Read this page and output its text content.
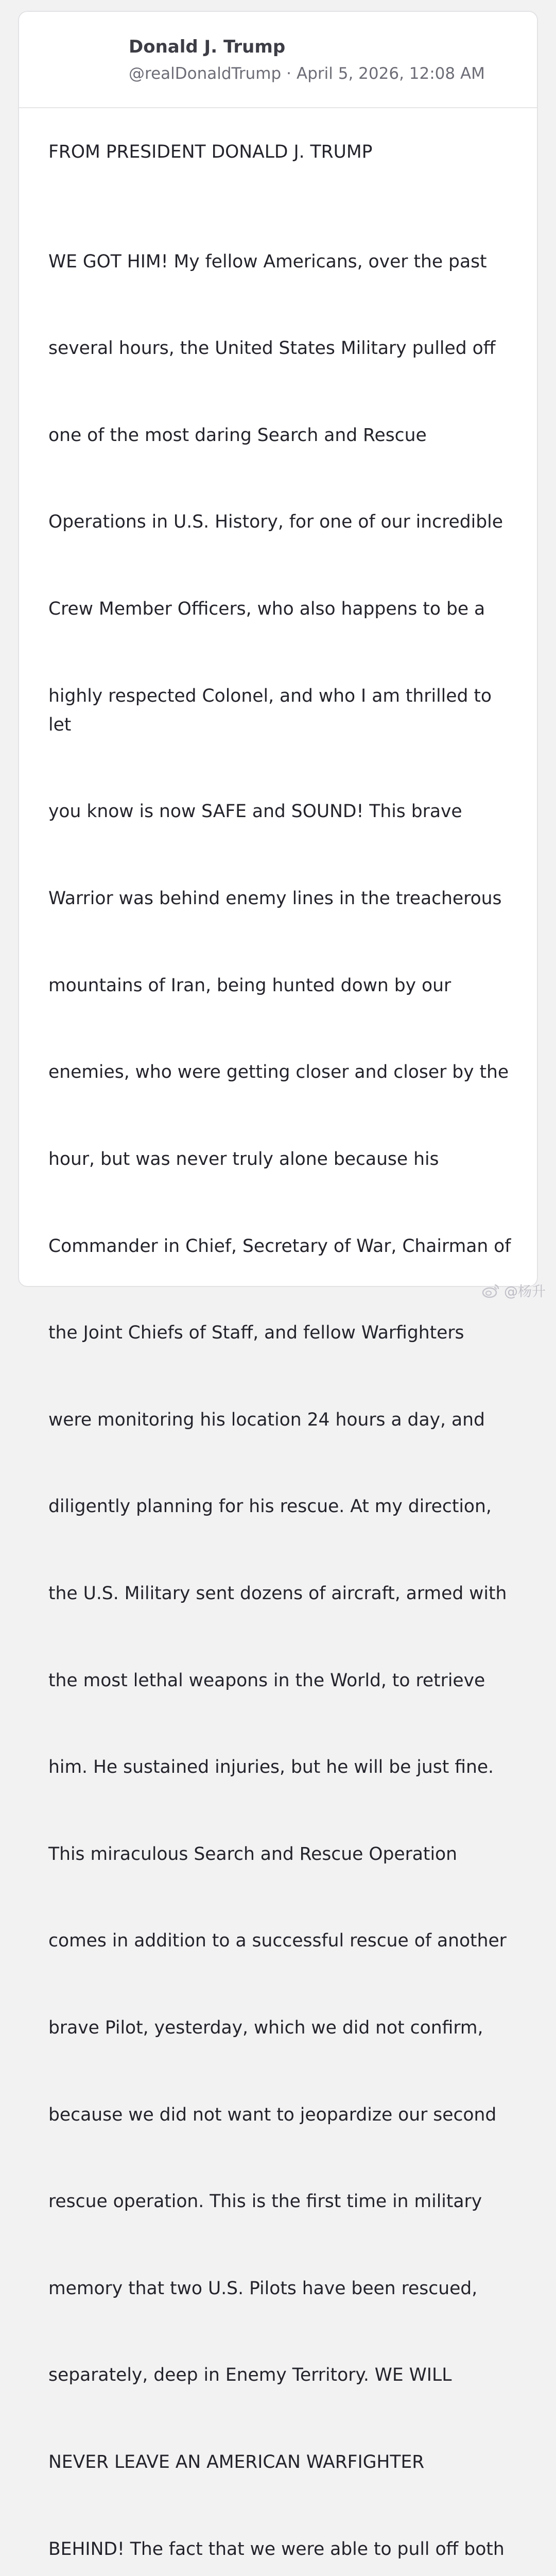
Donald J. Trump
@realDonaldTrump · April 5, 2026, 12:08 AM
FROM PRESIDENT DONALD J. TRUMP

WE GOT HIM! My fellow Americans, over the past

several hours, the United States Military pulled off

one of the most daring Search and Rescue

Operations in U.S. History, for one of our incredible

Crew Member Officers, who also happens to be a

highly respected Colonel, and who I am thrilled to let

you know is now SAFE and SOUND! This brave

Warrior was behind enemy lines in the treacherous

mountains of Iran, being hunted down by our

enemies, who were getting closer and closer by the

hour, but was never truly alone because his

Commander in Chief, Secretary of War, Chairman of

the Joint Chiefs of Staff, and fellow Warfighters

were monitoring his location 24 hours a day, and

diligently planning for his rescue. At my direction,

the U.S. Military sent dozens of aircraft, armed with

the most lethal weapons in the World, to retrieve

him. He sustained injuries, but he will be just fine.

This miraculous Search and Rescue Operation

comes in addition to a successful rescue of another

brave Pilot, yesterday, which we did not confirm,

because we did not want to jeopardize our second

rescue operation. This is the first time in military

memory that two U.S. Pilots have been rescued,

separately, deep in Enemy Territory. WE WILL

NEVER LEAVE AN AMERICAN WARFIGHTER

BEHIND! The fact that we were able to pull off both

@杨升
